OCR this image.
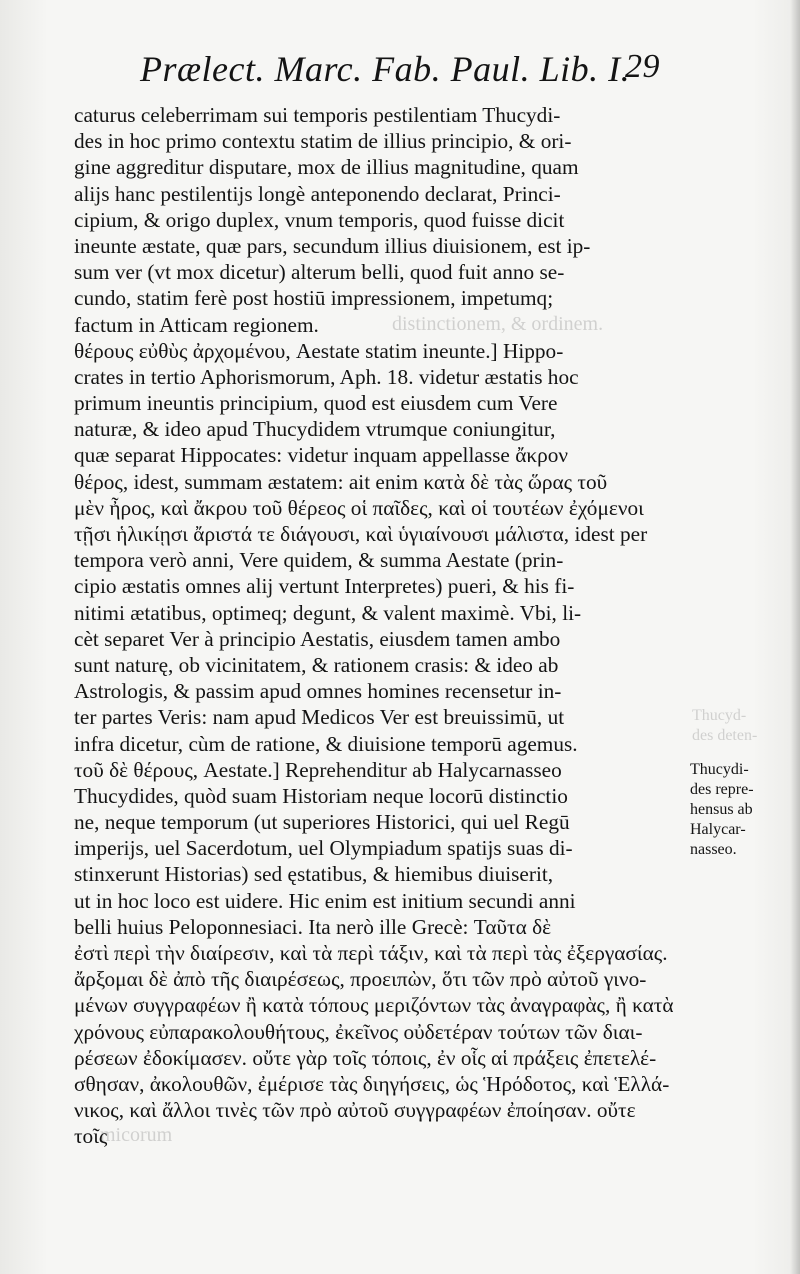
Prælect. Marc. Fab. Paul. Lib. I.
29
distinctionem, & ordinem.
Thucyd-
des deten-
micorum
caturus celeberrimam sui temporis pestilentiam Thucydi-
des in hoc primo contextu statim de illius principio, & ori-
gine aggreditur disputare, mox de illius magnitudine, quam
alijs hanc pestilentijs longè anteponendo declarat, Princi-
cipium, & origo duplex, vnum temporis, quod fuisse dicit
ineunte æstate, quæ pars, secundum illius diuisionem, est ip-
sum ver (vt mox dicetur) alterum belli, quod fuit anno se-
cundo, statim ferè post hostiū impressionem, impetumq;
factum in Atticam regionem.
θέρους εὐθὺς ἀρχομένου, Aestate statim ineunte.] Hippo-
crates in tertio Aphorismorum, Aph. 18. videtur æstatis hoc
primum ineuntis principium, quod est eiusdem cum Vere
naturæ, & ideo apud Thucydidem vtrumque coniungitur,
quæ separat Hippocates: videtur inquam appellasse ἄκρον
θέρος, idest, summam æstatem: ait enim κατὰ δὲ τὰς ὥρας τοῦ
μὲν ἦρος, καὶ ἄκρου τοῦ θέρεος οἱ παῖδες, καὶ οἱ τουτέων ἐχόμενοι
τῇσι ἡλικίῃσι ἄριστά τε διάγουσι, καὶ ὑγιαίνουσι μάλιστα, idest per
tempora verò anni, Vere quidem, & summa Aestate (prin-
cipio æstatis omnes alij vertunt Interpretes) pueri, & his fi-
nitimi ætatibus, optimeq; degunt, & valent maximè. Vbi, li-
cèt separet Ver à principio Aestatis, eiusdem tamen ambo
sunt naturę, ob vicinitatem, & rationem crasis: & ideo ab
Astrologis, & passim apud omnes homines recensetur in-
ter partes Veris: nam apud Medicos Ver est breuissimū, ut
infra dicetur, cùm de ratione, & diuisione temporū agemus.
τοῦ δὲ θέρους, Aestate.] Reprehenditur ab Halycarnasseo
Thucydides, quòd suam Historiam neque locorū distinctio
ne, neque temporum (ut superiores Historici, qui uel Regū
imperijs, uel Sacerdotum, uel Olympiadum spatijs suas di-
stinxerunt Historias) sed ęstatibus, & hiemibus diuiserit,
ut in hoc loco est uidere. Hic enim est initium secundi anni
belli huius Peloponnesiaci. Ita nerò ille Grecè: Ταῦτα δὲ
ἐστὶ περὶ τὴν διαίρεσιν, καὶ τὰ περὶ τάξιν, καὶ τὰ περὶ τὰς ἐξεργασίας.
ἄρξομαι δὲ ἀπὸ τῆς διαιρέσεως, προειπὼν, ὅτι τῶν πρὸ αὐτοῦ γινο-
μένων συγγραφέων ἢ κατὰ τόπους μεριζόντων τὰς ἀναγραφὰς, ἢ κατὰ
χρόνους εὐπαρακολουθήτους, ἐκεῖνος οὐδετέραν τούτων τῶν διαι-
ρέσεων ἐδοκίμασεν. οὔτε γὰρ τοῖς τόποις, ἐν οἷς αἱ πράξεις ἐπετελέ-
σθησαν, ἀκολουθῶν, ἐμέρισε τὰς διηγήσεις, ὡς Ἡρόδοτος, καὶ Ἑλλά-
νικος, καὶ ἄλλοι τινὲς τῶν πρὸ αὐτοῦ συγγραφέων ἐποίησαν. οὔτε
τοῖς
Thucydi-
des repre-
hensus ab
Halycar-
nasseo.
